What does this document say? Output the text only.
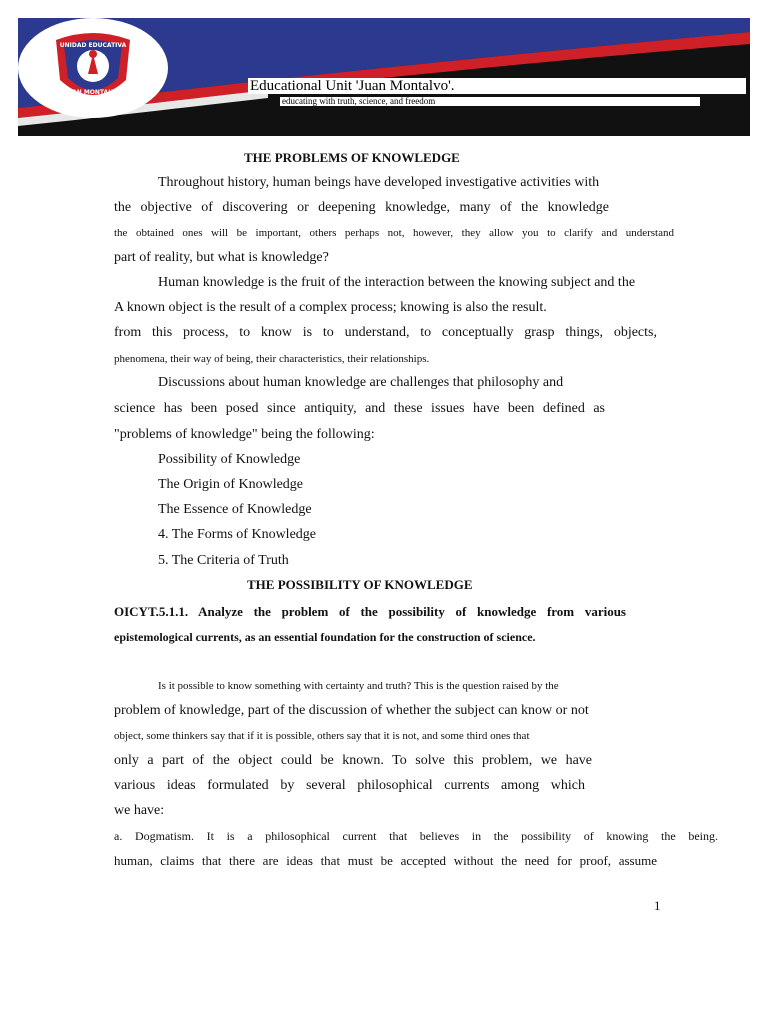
UNIDAD EDUCATIVA
JUAN MONTALVO	Educational Unit 'Juan Montalvo'.
educating with truth, science, and freedom
THE PROBLEMS OF KNOWLEDGE
Throughout history, human beings have developed investigative activities with
the objective of discovering or deepening knowledge, many of the knowledge
the obtained ones will be important, others perhaps not, however, they allow you to clarify and understand
part of reality, but what is knowledge?
Human knowledge is the fruit of the interaction between the knowing subject and the
A known object is the result of a complex process; knowing is also the result.
from this process, to know is to understand, to conceptually grasp things, objects,
phenomena, their way of being, their characteristics, their relationships.
Discussions about human knowledge are challenges that philosophy and
science has been posed since antiquity, and these issues have been defined as
"problems of knowledge" being the following:
Possibility of Knowledge
The Origin of Knowledge
The Essence of Knowledge
4. The Forms of Knowledge
5. The Criteria of Truth
THE POSSIBILITY OF KNOWLEDGE
OICYT.5.1.1. Analyze the problem of the possibility of knowledge from various
epistemological currents, as an essential foundation for the construction of science.
Is it possible to know something with certainty and truth? This is the question raised by the
problem of knowledge, part of the discussion of whether the subject can know or not
object, some thinkers say that if it is possible, others say that it is not, and some third ones that
only a part of the object could be known. To solve this problem, we have
various ideas formulated by several philosophical currents among which
we have:
a. Dogmatism. It is a philosophical current that believes in the possibility of knowing the being.
human, claims that there are ideas that must be accepted without the need for proof, assume
1
